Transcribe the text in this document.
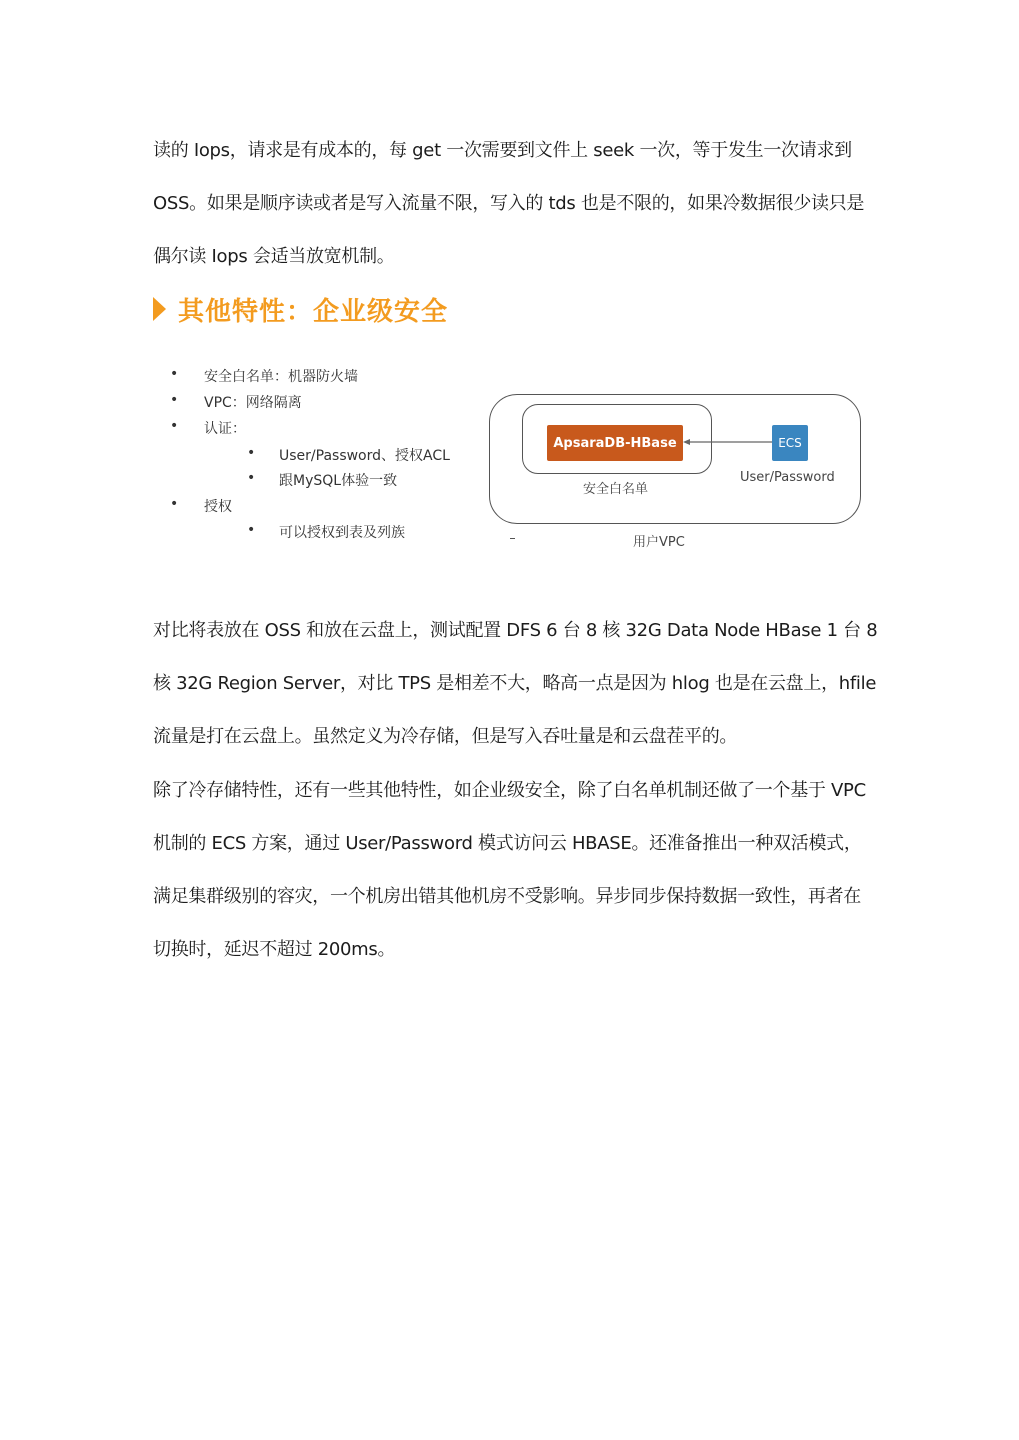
读的 Iops，请求是有成本的，每 get 一次需要到文件上 seek 一次，等于发生一次请求到
OSS。如果是顺序读或者是写入流量不限，写入的 tds 也是不限的，如果冷数据很少读只是
偶尔读 Iops 会适当放宽机制。
其他特性：企业级安全
• 安全白名单：机器防火墙
• VPC：网络隔离
• 认证：
• User/Password、授权ACL
• 跟MySQL体验一致
• 授权
• 可以授权到表及列族
ApsaraDB-HBase	ECS
安全白名单
User/Password
用户VPC
对比将表放在 OSS 和放在云盘上，测试配置 DFS 6 台 8 核 32G Data Node HBase 1 台 8
核 32G Region Server，对比 TPS 是相差不大，略高一点是因为 hlog 也是在云盘上，hfile
流量是打在云盘上。虽然定义为冷存储，但是写入吞吐量是和云盘茬平的。
除了冷存储特性，还有一些其他特性，如企业级安全，除了白名单机制还做了一个基于 VPC
机制的 ECS 方案，通过 User/Password 模式访问云 HBASE。还准备推出一种双活模式，
满足集群级别的容灾，一个机房出错其他机房不受影响。异步同步保持数据一致性，再者在
切换时，延迟不超过 200ms。
